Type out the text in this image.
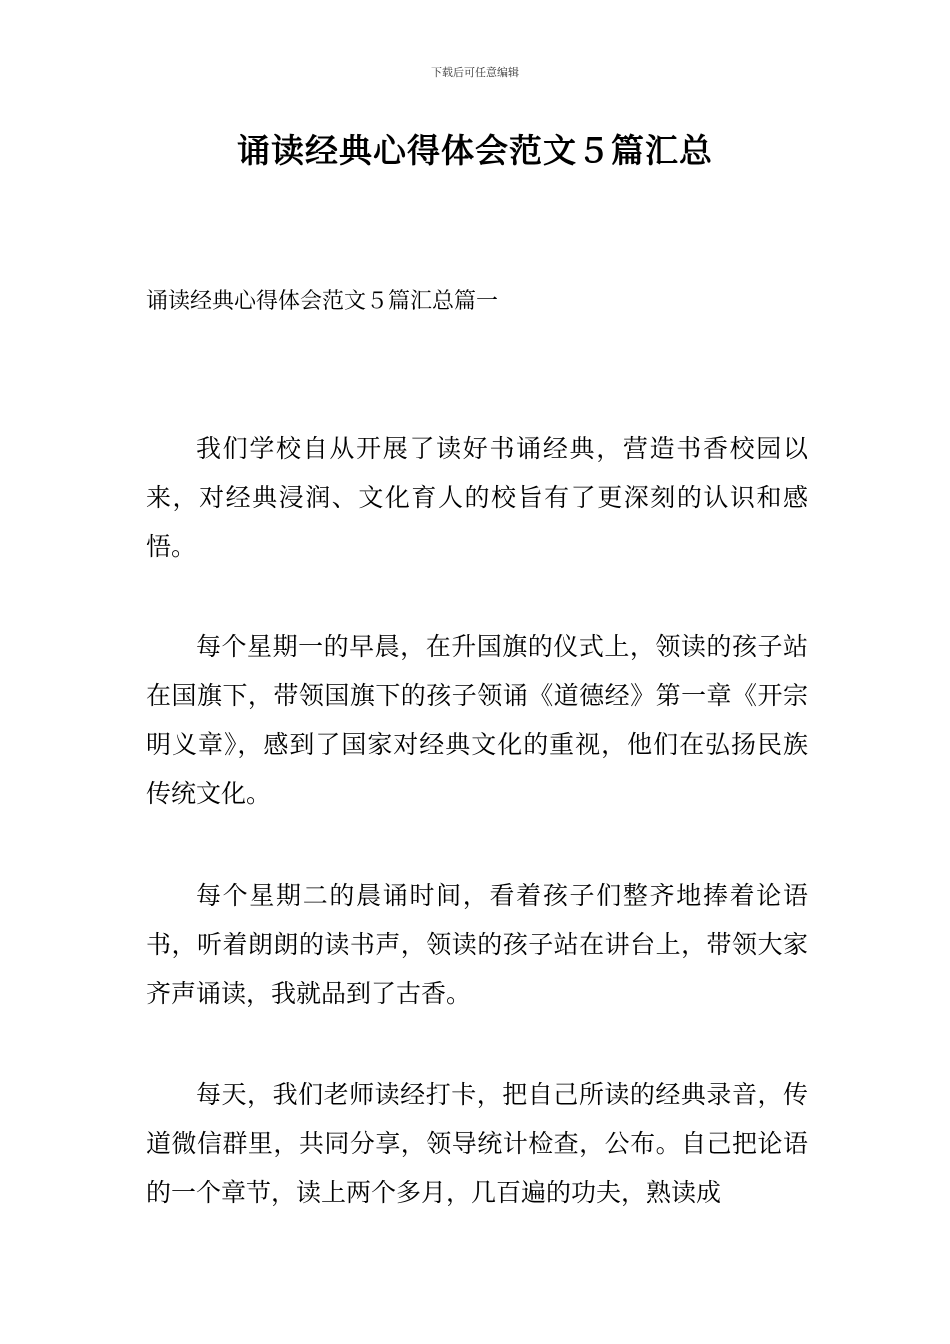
下载后可任意编辑
诵读经典心得体会范文５篇汇总
诵读经典心得体会范文５篇汇总篇一

我们学校自从开展了读好书诵经典，营造书香校园以来，对经典浸润、文化育人的校旨有了更深刻的认识和感悟。

每个星期一的早晨，在升国旗的仪式上，领读的孩子站在国旗下，带领国旗下的孩子领诵《道德经》第一章《开宗明义章》，感到了国家对经典文化的重视，他们在弘扬民族传统文化。

每个星期二的晨诵时间，看着孩子们整齐地捧着论语书，听着朗朗的读书声，领读的孩子站在讲台上，带领大家齐声诵读，我就品到了古香。

每天，我们老师读经打卡，把自己所读的经典录音，传道微信群里，共同分享，领导统计检查，公布。自己把论语的一个章节，读上两个多月，几百遍的功夫，熟读成
